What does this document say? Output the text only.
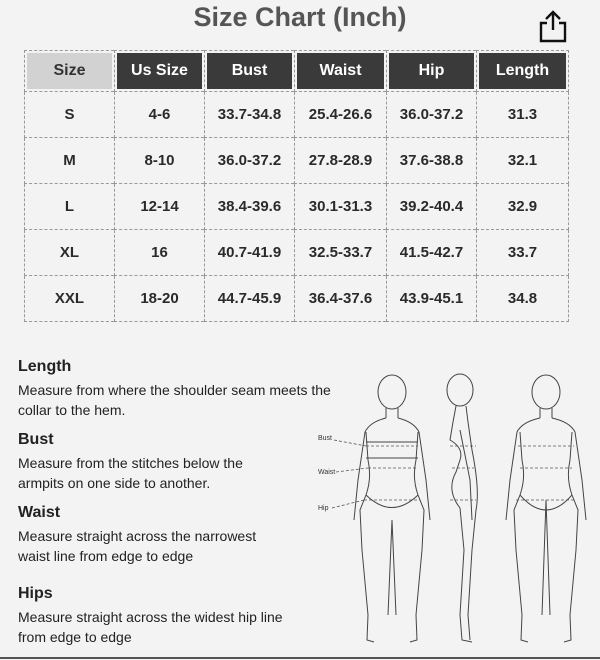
Size Chart (Inch)
Size	Us Size	Bust	Waist	Hip	Length

S	4-6	33.7-34.8	25.4-26.6	36.0-37.2	31.3
M	8-10	36.0-37.2	27.8-28.9	37.6-38.8	32.1
L	12-14	38.4-39.6	30.1-31.3	39.2-40.4	32.9
XL	16	40.7-41.9	32.5-33.7	41.5-42.7	33.7
XXL	18-20	44.7-45.9	36.4-37.6	43.9-45.1	34.8
Length

Measure from where the shoulder seam meets the collar to the hem.

Bust

Measure from the stitches below the armpits on one side to another.

Waist

Measure straight across the narrowest waist line from edge to edge

Hips

Measure straight across the widest hip line from edge to edge

Bust
Waist
Hip
